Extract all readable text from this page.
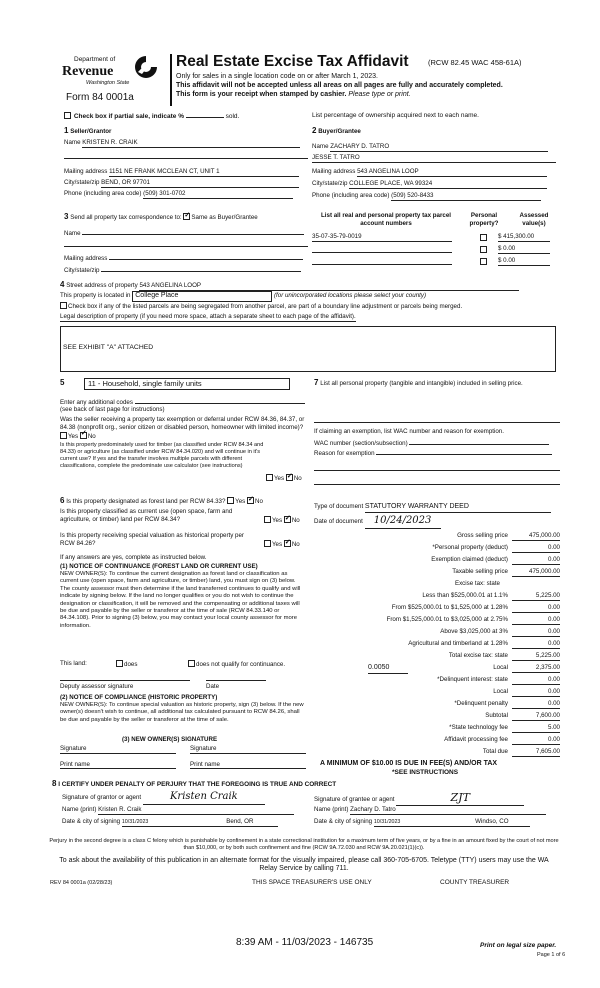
Department of
Revenue
Washington State
Form 84 0001a
Real Estate Excise Tax Affidavit	(RCW 82.45 WAC 458-61A)
Only for sales in a single location code on or after March 1, 2023.
This affidavit will not be accepted unless all areas on all pages are fully and accurately completed.
This form is your receipt when stamped by cashier. Please type or print.
Check box if partial sale, indicate %	sold.	List percentage of ownership acquired next to each name.
1 Seller/Grantor
Name KRISTEN R. CRAIK
Mailing address 1151 NE FRANK MCCLEAN CT, UNIT 1
City/state/zip BEND, OR 97701
Phone (including area code) (509) 301-0702
2 Buyer/Grantee
Name ZACHARY D. TATRO
JESSE T. TATRO
Mailing address 543 ANGELINA LOOP
City/state/zip COLLEGE PLACE, WA 99324
Phone (including area code) (509) 520-8433
3 Send all property tax correspondence to: ✓ Same as Buyer/Grantee
Name
Mailing address
City/state/zip
List all real and personal property tax parcel account numbers
Personal property?
Assessed value(s)
35-07-35-79-0019	$ 415,300.00
$ 0.00
$ 0.00
4 Street address of property 543 ANGELINA LOOP
This property is located in College Place	(for unincorporated locations please select your county)
Check box if any of the listed parcels are being segregated from another parcel, are part of a boundary line adjustment or parcels being merged.
Legal description of property (if you need more space, attach a separate sheet to each page of the affidavit).
SEE EXHIBIT "A" ATTACHED
5	11 - Household, single family units
Enter any additional codes
(see back of last page for instructions)
Was the seller receiving a property tax exemption or deferral under RCW 84.36, 84.37, or 84.38 (nonprofit org., senior citizen or disabled person, homeowner with limited income)? Yes ✓ No
Is this property predominately used for timber (as classified under RCW 84.34 and 84.33) or agriculture (as classified under RCW 84.34.020) and will continue in it's current use? If yes and the transfer involves multiple parcels with different classifications, complete the predominate use calculator (see instructions)
Yes ✓ No
6 Is this property designated as forest land per RCW 84.33? Yes ✓ No
Is this property classified as current use (open space, farm and agriculture, or timber) land per RCW 84.34?	Yes ✓ No
Is this property receiving special valuation as historical property per RCW 84.26?	Yes ✓ No
If any answers are yes, complete as instructed below.
(1) NOTICE OF CONTINUANCE (FOREST LAND OR CURRENT USE)
NEW OWNER(S): To continue the current designation as forest land or classification as current use (open space, farm and agriculture, or timber) land, you must sign on (3) below. The county assessor must then determine if the land transferred continues to qualify and will indicate by signing below. If the land no longer qualifies or you do not wish to continue the designation or classification, it will be removed and the compensating or additional taxes will be due and payable by the seller or transferor at the time of sale (RCW 84.33.140 or 84.34.108). Prior to signing (3) below, you may contact your local county assessor for more information.
This land:	does	does not qualify for continuance.
Deputy assessor signature	Date
(2) NOTICE OF COMPLIANCE (HISTORIC PROPERTY)
NEW OWNER(S): To continue special valuation as historic property, sign (3) below. If the new owner(s) doesn't wish to continue, all additional tax calculated pursuant to RCW 84.26, shall be due and payable by the seller or transferor at the time of sale.
(3) NEW OWNER(S) SIGNATURE
Signature	Signature
Print name	Print name
7 List all personal property (tangible and intangible) included in selling price.
If claiming an exemption, list WAC number and reason for exemption.
WAC number (section/subsection)
Reason for exemption
Type of document STATUTORY WARRANTY DEED
Date of document 10/24/2023
Gross selling price	475,000.00
*Personal property (deduct)	0.00
Exemption claimed (deduct)	0.00
Taxable selling price	475,000.00
Excise tax: state
Less than $525,000.01 at 1.1%	5,225.00
From $525,000.01 to $1,525,000 at 1.28%	0.00
From $1,525,000.01 to $3,025,000 at 2.75%	0.00
Above $3,025,000 at 3%	0.00
Agricultural and timberland at 1.28%	0.00
Total excise tax: state	5,225.00
0.0050	Local	2,375.00
*Delinquent interest: state	0.00
Local	0.00
*Delinquent penalty	0.00
Subtotal	7,600.00
*State technology fee	5.00
Affidavit processing fee	0.00
Total due	7,605.00
A MINIMUM OF $10.00 IS DUE IN FEE(S) AND/OR TAX
*SEE INSTRUCTIONS
8 I CERTIFY UNDER PENALTY OF PERJURY THAT THE FOREGOING IS TRUE AND CORRECT
Signature of grantor or agent	Kristen Craik	Signature of grantee or agent	ZJT
Name (print) Kristen R. Craik	Name (print) Zachary D. Tatro
Date & city of signing 10/31/2023	Bend, OR	Date & city of signing 10/31/2023	Windso, CO
Perjury in the second degree is a class C felony which is punishable by confinement in a state correctional institution for a maximum term of five years, or by a fine in an amount fixed by the court of not more than $10,000, or by both such confinement and fine (RCW 9A.72.030 and RCW 9A.20.021(1)(c)).
To ask about the availability of this publication in an alternate format for the visually impaired, please call 360-705-6705. Teletype (TTY) users may use the WA Relay Service by calling 711.
REV 84 0001a (02/28/23)	THIS SPACE TREASURER'S USE ONLY	COUNTY TREASURER
8:39 AM - 11/03/2023 - 146735	Print on legal size paper.
Page 1 of 6
